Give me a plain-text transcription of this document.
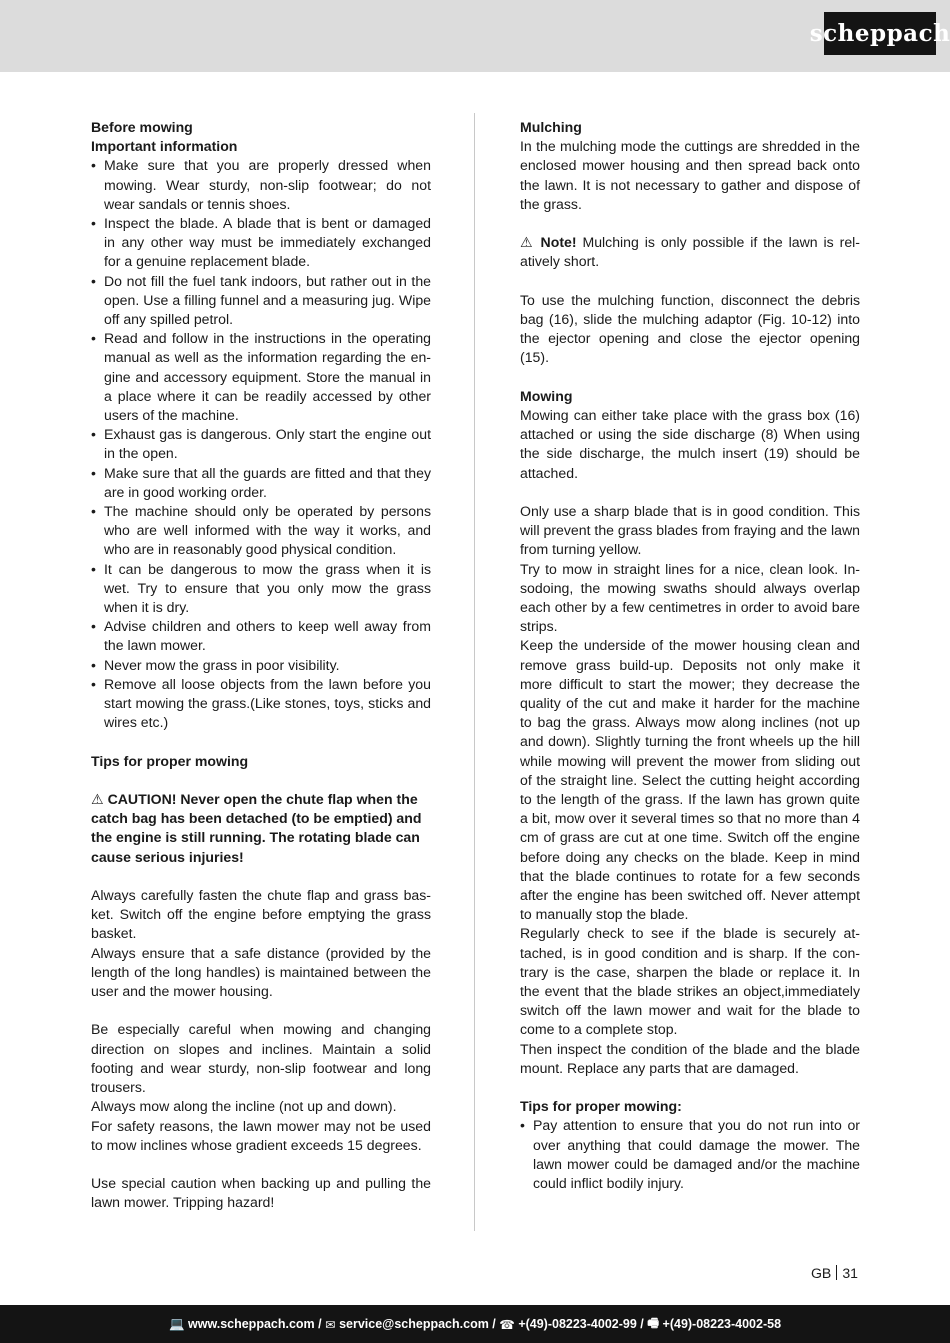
scheppach

Before mowing

Important information

• Make sure that you are properly dressed when mowing. Wear sturdy, non-slip footwear; do not wear sandals or tennis shoes.
• Inspect the blade. A blade that is bent or damaged in any other way must be immediately exchanged for a genuine replacement blade.
• Do not fill the fuel tank indoors, but rather out in the open. Use a filling funnel and a measuring jug. Wipe off any spilled petrol.
• Read and follow in the instructions in the operating manual as well as the information regarding the engine and accessory equipment. Store the manual in a place where it can be readily accessed by other users of the machine.
• Exhaust gas is dangerous. Only start the engine out in the open.
• Make sure that all the guards are fitted and that they are in good working order.
• The machine should only be operated by persons who are well informed with the way it works, and who are in reasonably good physical condition.
• It can be dangerous to mow the grass when it is wet. Try to ensure that you only mow the grass when it is dry.
• Advise children and others to keep well away from the lawn mower.
• Never mow the grass in poor visibility.
• Remove all loose objects from the lawn before you start mowing the grass.(Like stones, toys, sticks and wires etc.)

Tips for proper mowing

⚠ CAUTION! Never open the chute flap when the catch bag has been detached (to be emptied) and the engine is still running. The rotating blade can cause serious injuries!

Always carefully fasten the chute flap and grass basket. Switch off the engine before emptying the grass basket.

Always ensure that a safe distance (provided by the length of the long handles) is maintained between the user and the mower housing.

Be especially careful when mowing and changing direction on slopes and inclines. Maintain a solid footing and wear sturdy, non-slip footwear and long trousers.

Always mow along the incline (not up and down).

For safety reasons, the lawn mower may not be used to mow inclines whose gradient exceeds 15 degrees.

Use special caution when backing up and pulling the lawn mower. Tripping hazard!

Mulching

In the mulching mode the cuttings are shredded in the enclosed mower housing and then spread back onto the lawn. It is not necessary to gather and dispose of the grass.

⚠ Note! Mulching is only possible if the lawn is relatively short.

To use the mulching function, disconnect the debris bag (16), slide the mulching adaptor (Fig. 10-12) into the ejector opening and close the ejector opening (15).

Mowing

Mowing can either take place with the grass box (16) attached or using the side discharge (8) When using the side discharge, the mulch insert (19) should be attached.

Only use a sharp blade that is in good condition. This will prevent the grass blades from fraying and the lawn from turning yellow.

Try to mow in straight lines for a nice, clean look. Insodoing, the mowing swaths should always overlap each other by a few centimetres in order to avoid bare strips.

Keep the underside of the mower housing clean and remove grass build-up. Deposits not only make it more difficult to start the mower; they decrease the quality of the cut and make it harder for the machine to bag the grass. Always mow along inclines (not up and down). Slightly turning the front wheels up the hill while mowing will prevent the mower from sliding out of the straight line. Select the cutting height according to the length of the grass. If the lawn has grown quite a bit, mow over it several times so that no more than 4 cm of grass are cut at one time. Switch off the engine before doing any checks on the blade. Keep in mind that the blade continues to rotate for a few seconds after the engine has been switched off. Never attempt to manually stop the blade.

Regularly check to see if the blade is securely attached, is in good condition and is sharp. If the contrary is the case, sharpen the blade or replace it. In the event that the blade strikes an object,immediately switch off the lawn mower and wait for the blade to come to a complete stop.

Then inspect the condition of the blade and the blade mount. Replace any parts that are damaged.

Tips for proper mowing:

• Pay attention to ensure that you do not run into or over anything that could damage the mower. The lawn mower could be damaged and/or the machine could inflict bodily injury.
GB 31
💻
www.scheppach.com / ✉
service@scheppach.com / ☎
+(49)-08223-4002-99 / 🖷
+(49)-08223-4002-58
